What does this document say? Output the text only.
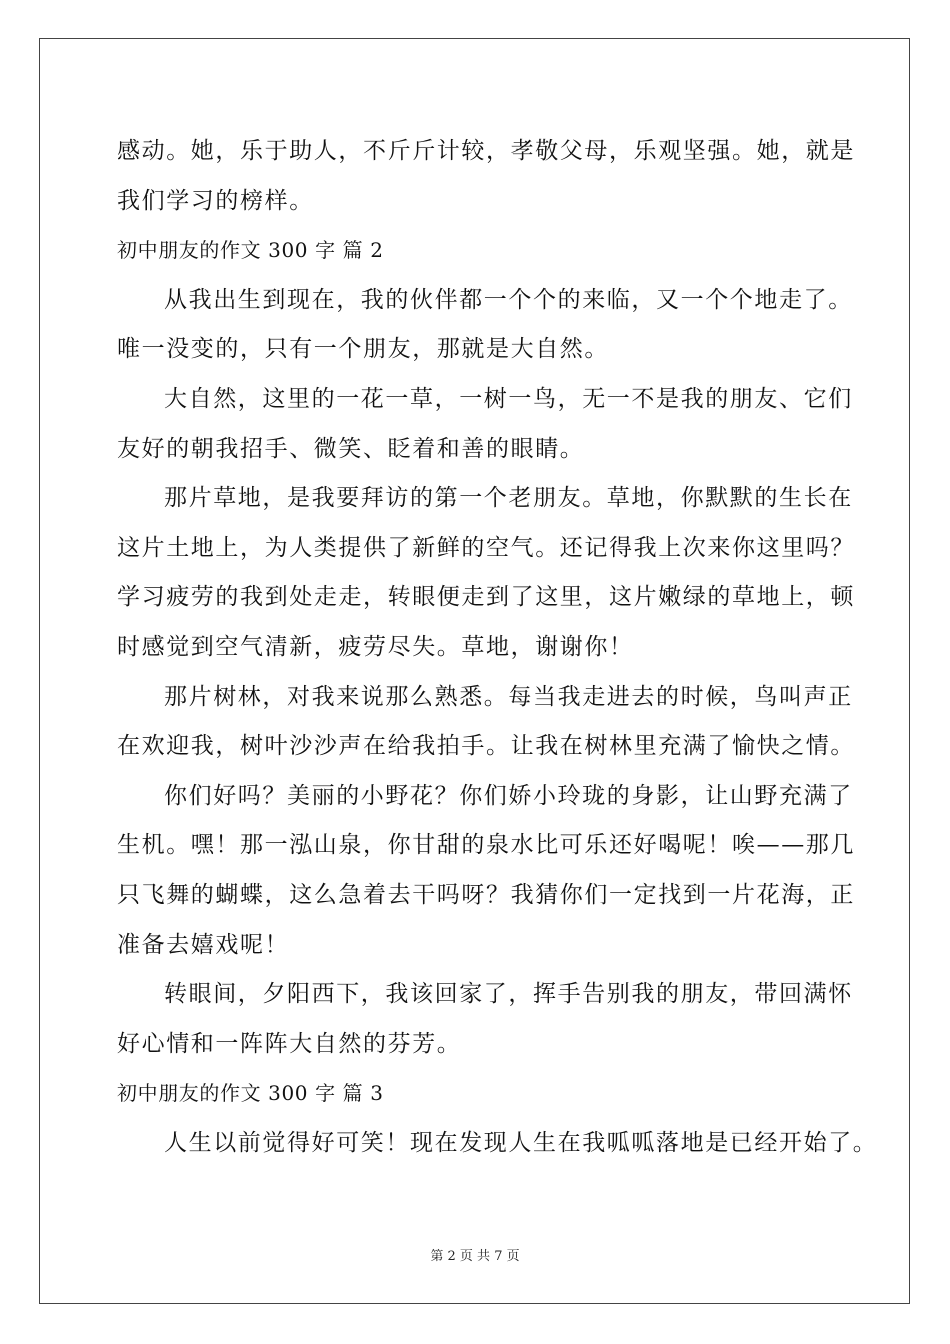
感动。她，乐于助人，不斤斤计较，孝敬父母，乐观坚强。她，就是
我们学习的榜样。
初中朋友的作文 300 字 篇 2
从我出生到现在，我的伙伴都一个个的来临，又一个个地走了。
唯一没变的，只有一个朋友，那就是大自然。
大自然，这里的一花一草，一树一鸟，无一不是我的朋友、它们
友好的朝我招手、微笑、眨着和善的眼睛。
那片草地，是我要拜访的第一个老朋友。草地，你默默的生长在
这片土地上，为人类提供了新鲜的空气。还记得我上次来你这里吗？
学习疲劳的我到处走走，转眼便走到了这里，这片嫩绿的草地上，顿
时感觉到空气清新，疲劳尽失。草地，谢谢你！
那片树林，对我来说那么熟悉。每当我走进去的时候，鸟叫声正
在欢迎我，树叶沙沙声在给我拍手。让我在树林里充满了愉快之情。
你们好吗？美丽的小野花？你们娇小玲珑的身影，让山野充满了
生机。嘿！那一泓山泉，你甘甜的泉水比可乐还好喝呢！唉——那几
只飞舞的蝴蝶，这么急着去干吗呀？我猜你们一定找到一片花海，正
准备去嬉戏呢！
转眼间，夕阳西下，我该回家了，挥手告别我的朋友，带回满怀
好心情和一阵阵大自然的芬芳。
初中朋友的作文 300 字 篇 3
人生以前觉得好可笑！现在发现人生在我呱呱落地是已经开始了。
第 2 页 共 7 页
